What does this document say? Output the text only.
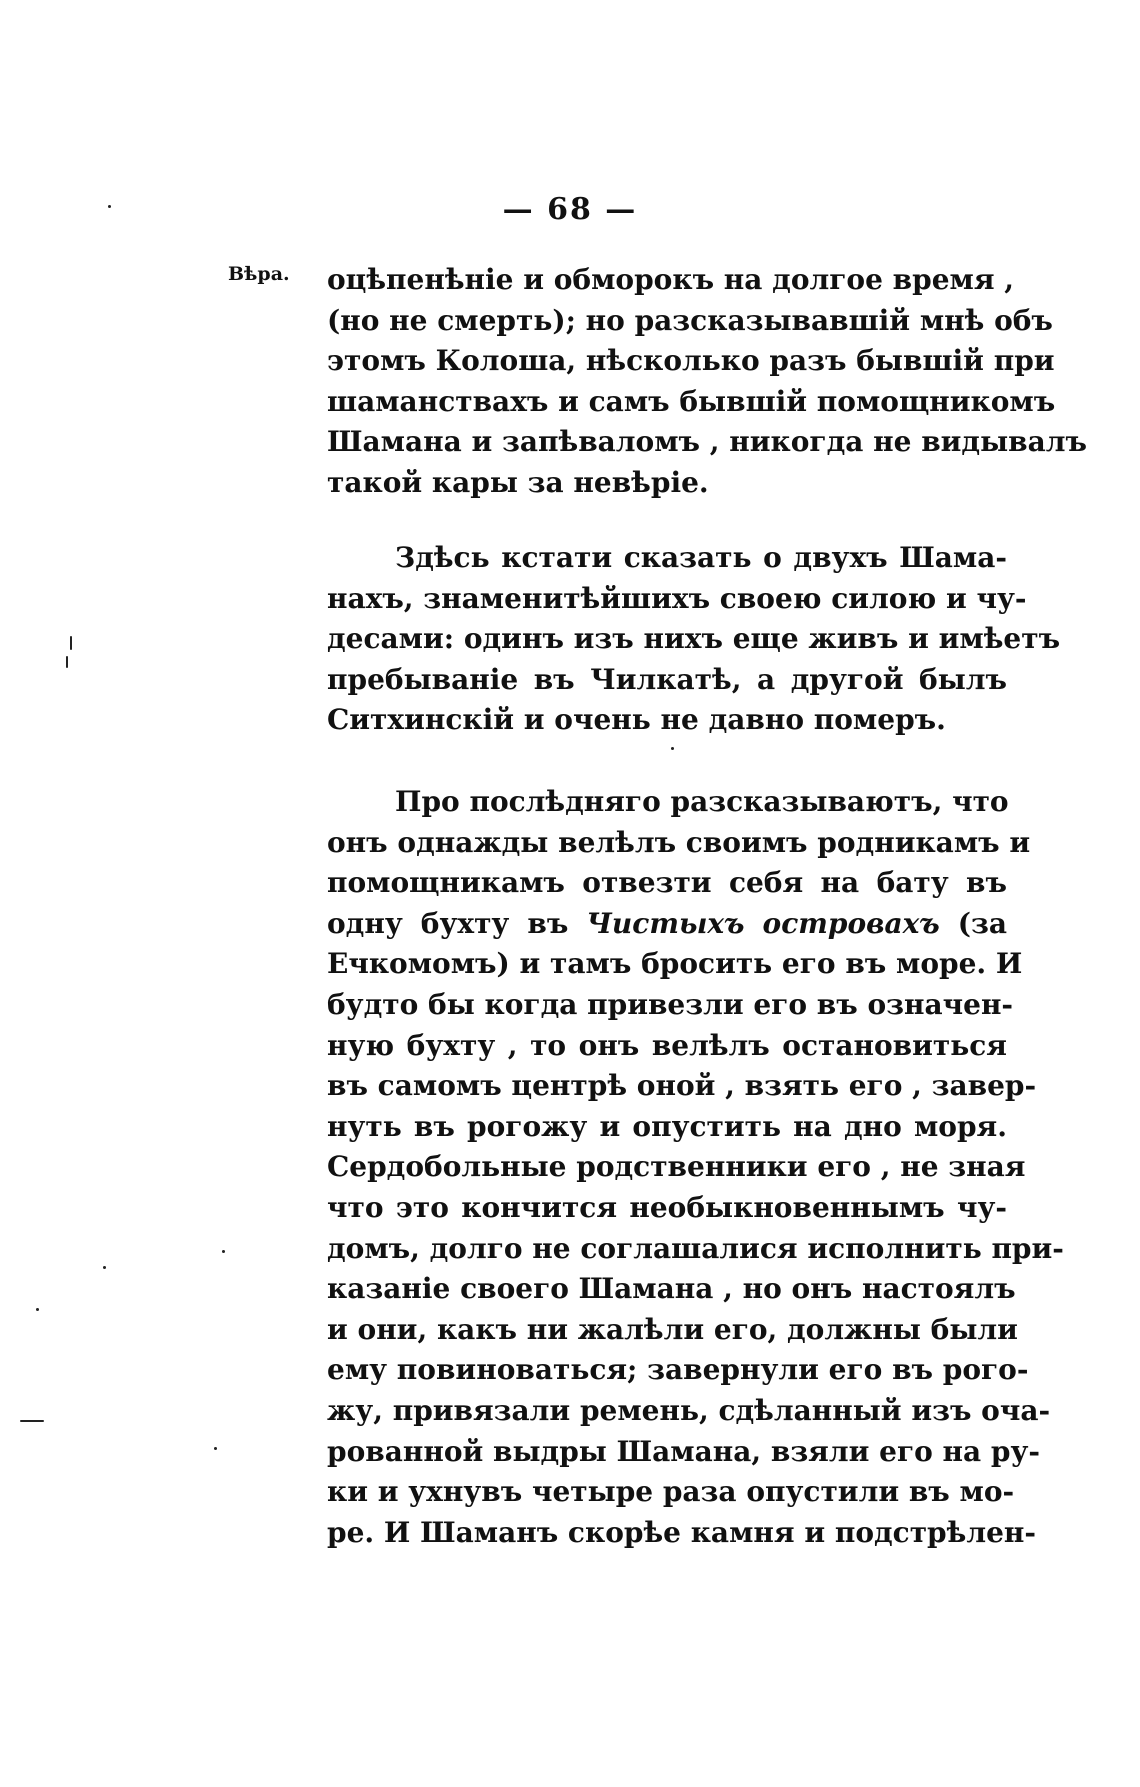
— 68 —
Вѣра. оцѣпенѣніе и обморокъ на долгое время ,
(но не смерть); но разсказывавшій мнѣ объ
этомъ Колоша, нѣсколько разъ бывшій при
шаманствахъ и самъ бывшій помощникомъ
Шамана и запѣваломъ , никогда не видывалъ
такой кары за невѣріе.
Здѣсь кстати сказать о двухъ Шама-
нахъ, знаменитѣйшихъ своею силою и чу-
десами: одинъ изъ нихъ еще живъ и имѣетъ
пребываніе въ Чилкатѣ, а другой былъ
Ситхинскій и очень не давно померъ.
Про послѣдняго разсказываютъ, что
онъ однажды велѣлъ своимъ родникамъ и
помощникамъ отвезти себя на бату въ
одну бухту въ Чистыхъ островахъ (за
Ечкомомъ) и тамъ бросить его въ море. И
будто бы когда привезли его въ означен-
ную бухту , то онъ велѣлъ остановиться
въ самомъ центрѣ оной , взять его , завер-
нуть въ рогожу и опустить на дно моря.
Сердобольные родственники его , не зная
что это кончится необыкновеннымъ чу-
домъ, долго не соглашалися исполнить при-
казаніе своего Шамана , но онъ настоялъ
и они, какъ ни жалѣли его, должны были
ему повиноваться; завернули его въ рого-
жу, привязали ремень, сдѣланный изъ оча-
рованной выдры Шамана, взяли его на ру-
ки и ухнувъ четыре раза опустили въ мо-
ре. И Шаманъ скорѣе камня и подстрѣлен-
